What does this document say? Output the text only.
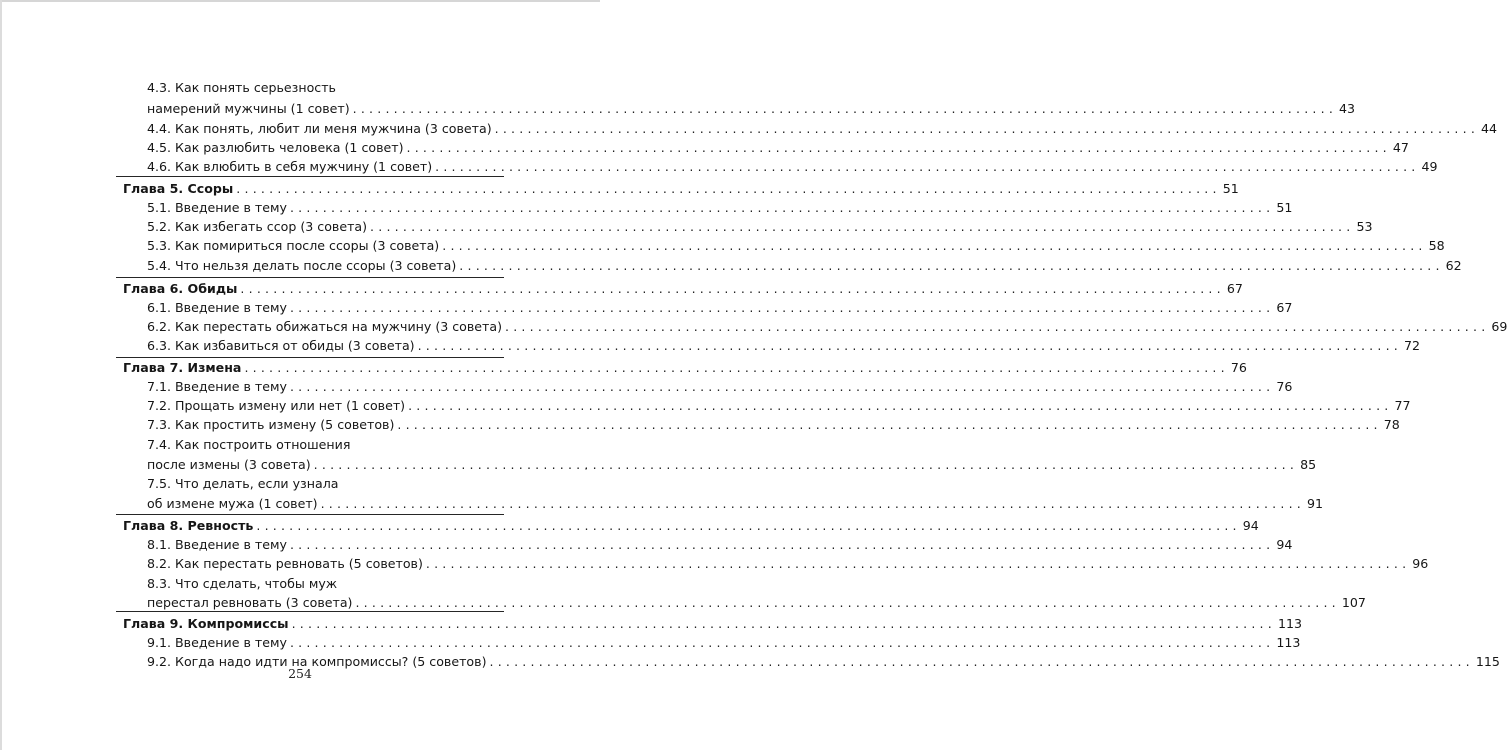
4.3. Как понять серьезность
намерений мужчины (1 совет) ........................................................................................................................ 43
4.4. Как понять, любит ли меня мужчина (3 совета) ........................................................................................................................ 44
4.5. Как разлюбить человека (1 совет) ........................................................................................................................ 47
4.6. Как влюбить в себя мужчину (1 совет) ........................................................................................................................ 49
Глава 5. Ссоры ........................................................................................................................ 51
5.1. Введение в тему ........................................................................................................................ 51
5.2. Как избегать ссор (3 совета) ........................................................................................................................ 53
5.3. Как помириться после ссоры (3 совета) ........................................................................................................................ 58
5.4. Что нельзя делать после ссоры (3 совета) ........................................................................................................................ 62
Глава 6. Обиды ........................................................................................................................ 67
6.1. Введение в тему ........................................................................................................................ 67
6.2. Как перестать обижаться на мужчину (3 совета) ........................................................................................................................ 69
6.3. Как избавиться от обиды (3 совета) ........................................................................................................................ 72
Глава 7. Измена ........................................................................................................................ 76
7.1. Введение в тему ........................................................................................................................ 76
7.2. Прощать измену или нет (1 совет) ........................................................................................................................ 77
7.3. Как простить измену (5 советов) ........................................................................................................................ 78
7.4. Как построить отношения
после измены (3 совета) ........................................................................................................................ 85
7.5. Что делать, если узнала
об измене мужа (1 совет) ........................................................................................................................ 91
Глава 8. Ревность ........................................................................................................................ 94
8.1. Введение в тему ........................................................................................................................ 94
8.2. Как перестать ревновать (5 советов) ........................................................................................................................ 96
8.3. Что сделать, чтобы муж
перестал ревновать (3 совета) ........................................................................................................................ 107
Глава 9. Компромиссы ........................................................................................................................ 113
9.1. Введение в тему ........................................................................................................................ 113
9.2. Когда надо идти на компромиссы? (5 советов) ........................................................................................................................ 115
254
